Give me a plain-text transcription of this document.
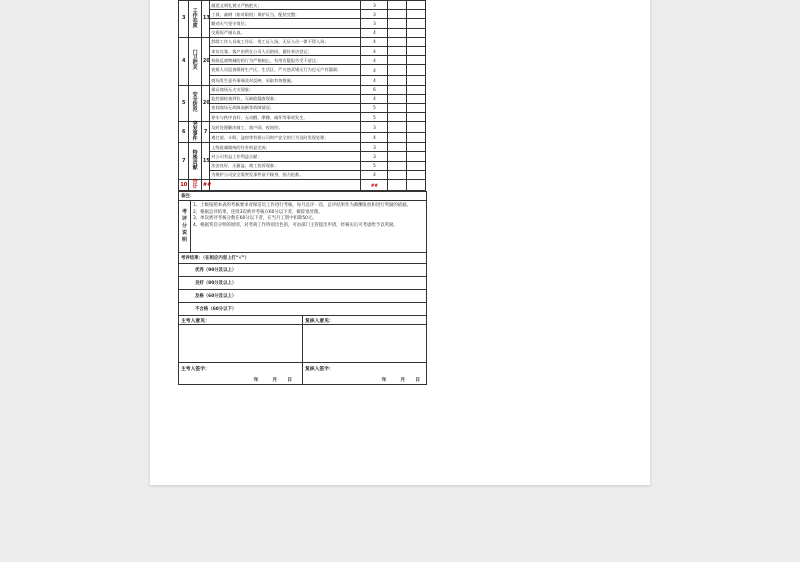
3	工作态度	13	做延文明礼貌又严格把关；	3		
			工裁、森钢（如对职机）保护证当，配装完整；	3		
			勤劝天气坚守岗位；	3		
			交班短严谨认真。	4		
4	门卫把关	20	辞除工作人员或工作证、贵工证入场，无证人员一律不得入场；	4		
			来访宾客、客户由所在公司人员陪同，做好来访登记；	4		
			持陈反商物城的的行为严格制止，有用有疑报告受不留洼；	4		
			夜班人员巡查维持生产区、生活区，严刃逆武堵无行为也无产有漏洞；	4		
			商场发生意外事端及时反映，采取有效措施。	4		
5	安全防范	20	保证商场无火灾现象；	6		
			监控器检查到位，无缺陷漏查现象；	4		
			夜间商场无故障高断等故障情况；	5		
			停车与秩序良好，无动醒、摩擦、破坏等事故发生。	5		
6	突发事件	7	及时处理解决商工、商户闹、夜间纷；	3		
			遇打架、斗殴、盗窃等有损公司财产安全的行为及时发现处理；	4		
7	特殊贡献	15	上级批属做统的任有机显完成；	3		
			对公司有益工作利益贡献；	3		
			治安良好，无偷盗、商工投诉现象；	5		
			为维护公司安全需突发事件奋不顾身，损力抢救。	4		
10	合计	##		##		
备注：		
考评分说明	1、上级按照本表的考核要求对保洁员工作进行考核，每月总评一次，总评结果作为薪酬发放和进行奖励的依据。
2、根据总评结果，连续3次被评考核在60分以下者，做辞退处理。
3、单次被评考核分数在60分以下者，在当月工资中扣除50元。
4、根据奖罚分明的原则，对考商工作特别出色的，可由部门主管提出申请，经核实后可考虑给予以奖励。	

考评结果：（在相应内容上打“√”）		
优秀（90分及以上）		
良好（80分及以上）		
及格（60分及以上）		
不合格（60分以下）		
主考人意见：		复核人意见：

主考人签字：		复核人签字：
年 月 日		年 月 日
